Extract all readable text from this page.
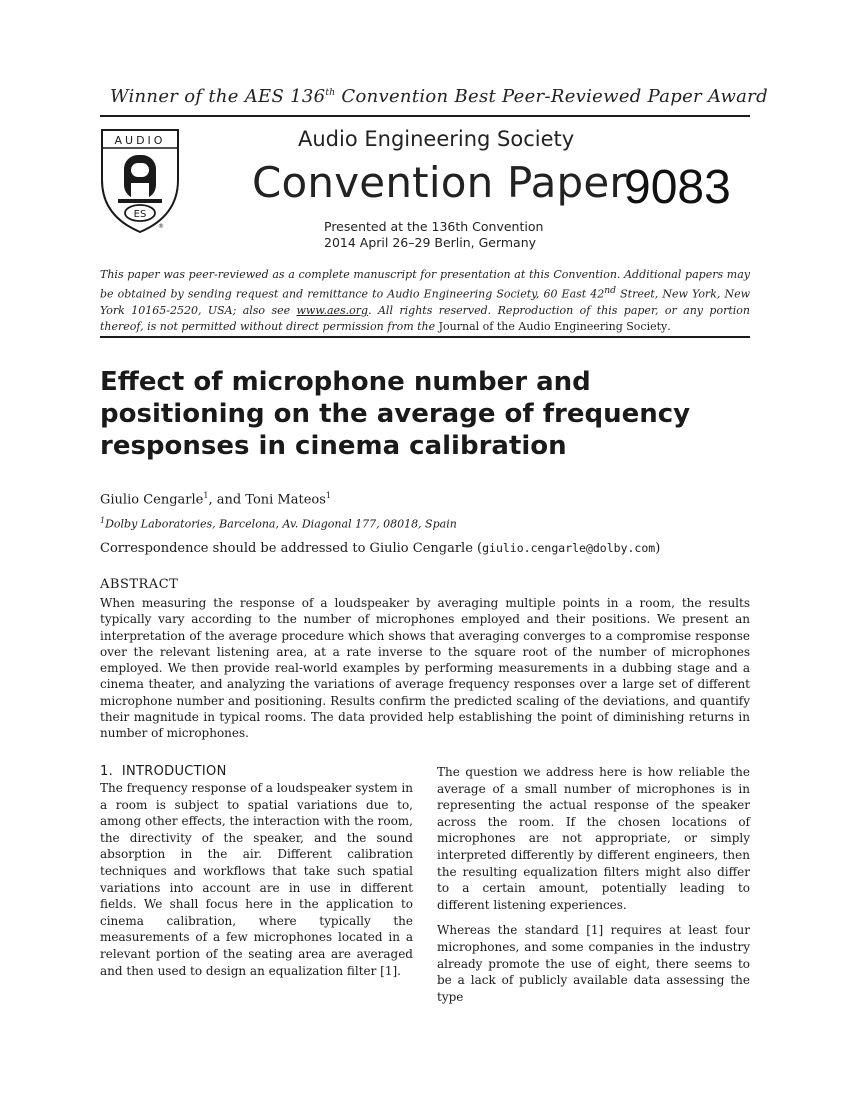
Winner of the AES 136th Convention Best Peer-Reviewed Paper Award
AUDIO
A
ES
®
Audio Engineering Society
Convention Paper
9083
Presented at the 136th Convention
2014 April 26–29 Berlin, Germany
This paper was peer-reviewed as a complete manuscript for presentation at this Convention. Additional papers may be obtained by sending request and remittance to Audio Engineering Society, 60 East 42nd Street, New York, New York 10165-2520, USA; also see www.aes.org. All rights reserved. Reproduction of this paper, or any portion thereof, is not permitted without direct permission from the Journal of the Audio Engineering Society.
Effect of microphone number and positioning on the average of frequency responses in cinema calibration
Giulio Cengarle$^1$, and Toni Mateos$^1$
$^1$Dolby Laboratories, Barcelona, Av. Diagonal 177, 08018, Spain
Correspondence should be addressed to Giulio Cengarle (giulio.cengarle@dolby.com)
ABSTRACT
When measuring the response of a loudspeaker by averaging multiple points in a room, the results typically vary according to the number of microphones employed and their positions. We present an interpretation of the average procedure which shows that averaging converges to a compromise response over the relevant listening area, at a rate inverse to the square root of the number of microphones employed. We then provide real-world examples by performing measurements in a dubbing stage and a cinema theater, and analyzing the variations of average frequency responses over a large set of different microphone number and positioning. Results confirm the predicted scaling of the deviations, and quantify their magnitude in typical rooms. The data provided help establishing the point of diminishing returns in number of microphones.
1. INTRODUCTION

The frequency response of a loudspeaker system in a room is subject to spatial variations due to, among other effects, the interaction with the room, the directivity of the speaker, and the sound absorption in the air. Different calibration techniques and workflows that take such spatial variations into account are in use in different fields. We shall focus here in the application to cinema calibration, where typically the measurements of a few microphones located in a relevant portion of the seating area are averaged and then used to design an equalization filter [1].

The question we address here is how reliable the average of a small number of microphones is in representing the actual response of the speaker across the room. If the chosen locations of microphones are not appropriate, or simply interpreted differently by different engineers, then the resulting equalization filters might also differ to a certain amount, potentially leading to different listening experiences.

Whereas the standard [1] requires at least four microphones, and some companies in the industry already promote the use of eight, there seems to be a lack of publicly available data assessing the type
